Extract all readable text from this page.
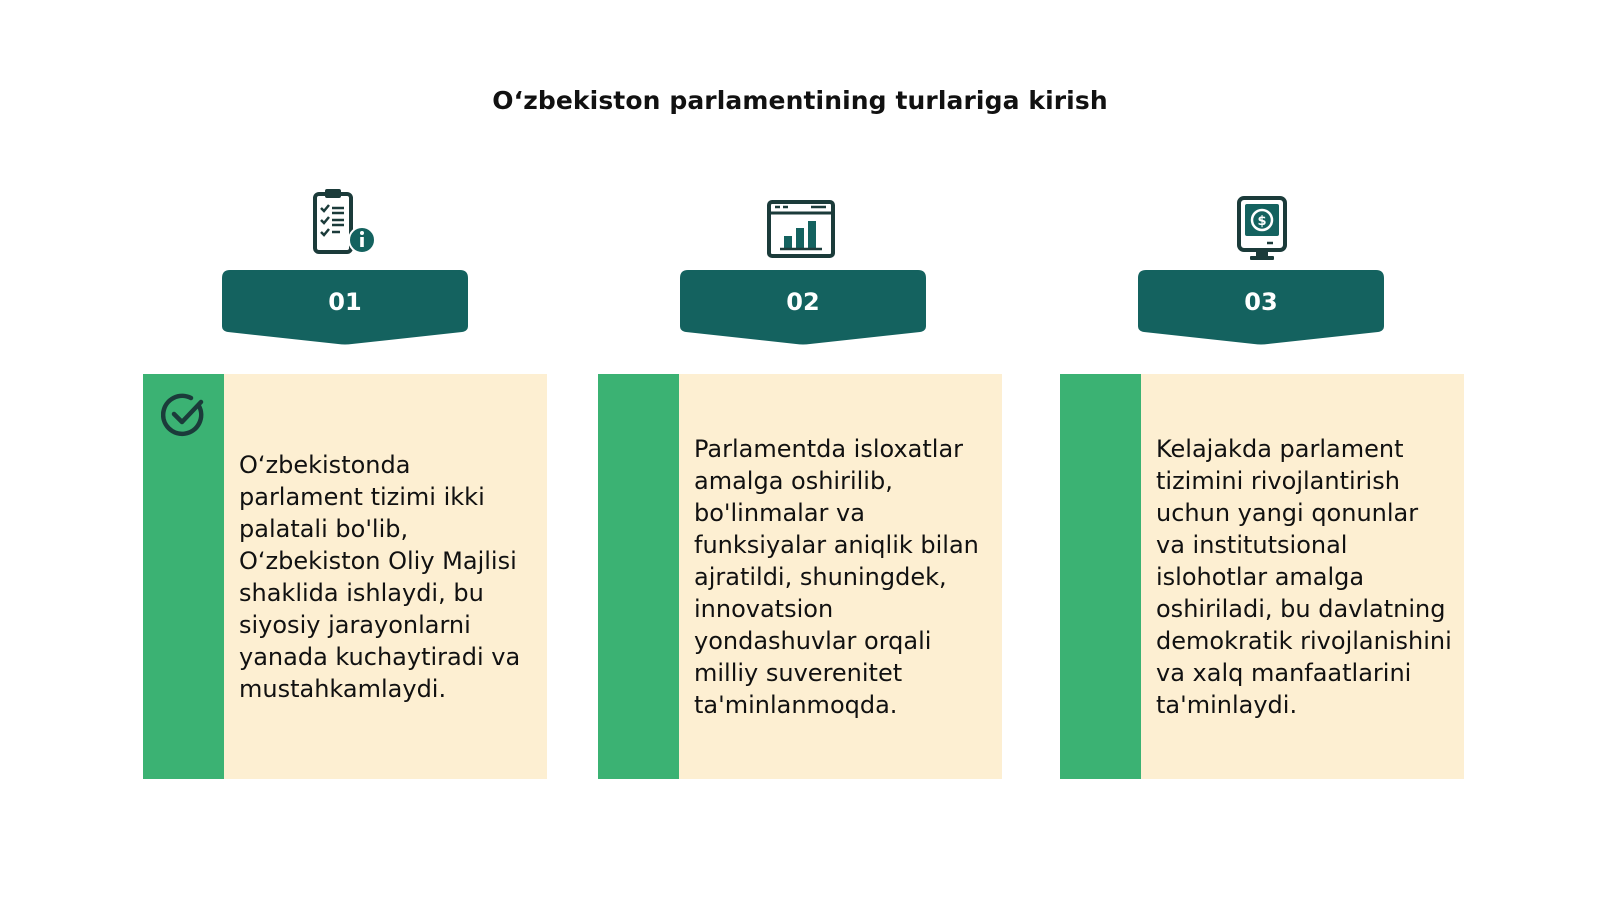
O‘zbekiston parlamentining turlariga kirish
$
01	02	03
O‘zbekistonda parlament tizimi ikki palatali bo'lib, O‘zbekiston Oliy Majlisi shaklida ishlaydi, bu siyosiy jarayonlarni yanada kuchaytiradi va mustahkamlaydi.
Parlamentda isloxatlar amalga oshirilib, bo'linmalar va funksiyalar aniqlik bilan ajratildi, shuningdek, innovatsion yondashuvlar orqali milliy suverenitet ta'minlanmoqda.
Kelajakda parlament tizimini rivojlantirish uchun yangi qonunlar va institutsional islohotlar amalga oshiriladi, bu davlatning demokratik rivojlanishini va xalq manfaatlarini ta'minlaydi.
